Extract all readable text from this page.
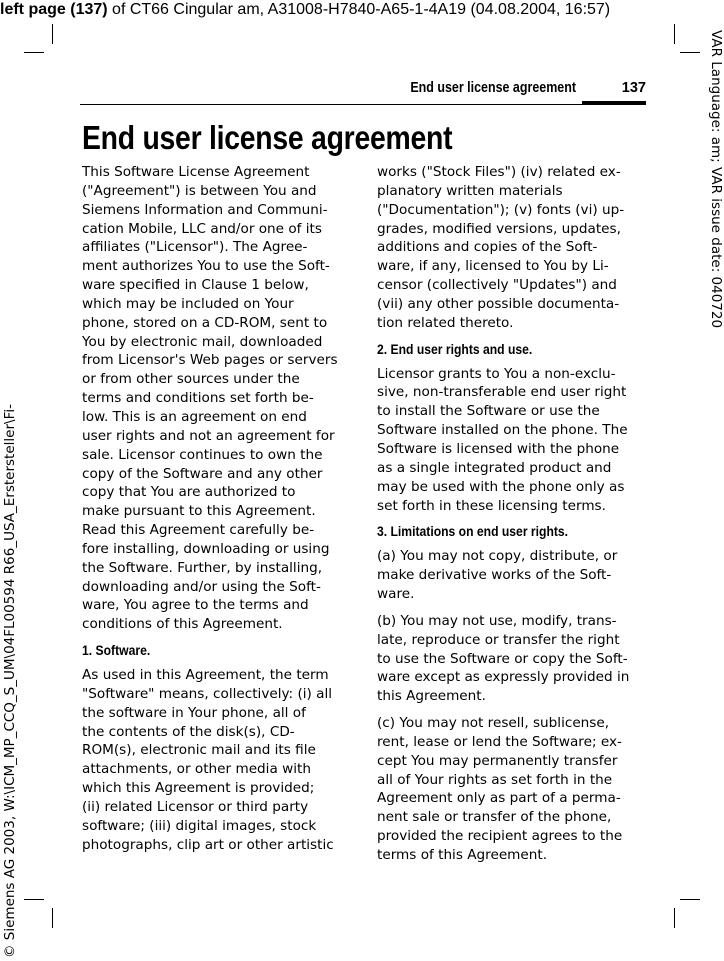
left page (137) of CT66 Cingular am, A31008-H7840-A65-1-4A19 (04.08.2004, 16:57)
VAR Language: am; VAR issue date: 040720
© Siemens AG 2003, W:\ICM_MP_CCQ_S_UM\04FL00594 R66_USA_Erstersteller\Fi-
End user license agreement	137
End user license agreement

This Software License Agreement
("Agreement") is between You and
Siemens Information and Communi-
cation Mobile, LLC and/or one of its
affiliates ("Licensor"). The Agree-
ment authorizes You to use the Soft-
ware specified in Clause 1 below,
which may be included on Your
phone, stored on a CD-ROM, sent to
You by electronic mail, downloaded
from Licensor's Web pages or servers
or from other sources under the
terms and conditions set forth be-
low. This is an agreement on end
user rights and not an agreement for
sale. Licensor continues to own the
copy of the Software and any other
copy that You are authorized to
make pursuant to this Agreement.
Read this Agreement carefully be-
fore installing, downloading or using
the Software. Further, by installing,
downloading and/or using the Soft-
ware, You agree to the terms and
conditions of this Agreement.

1. Software.

As used in this Agreement, the term
"Software" means, collectively: (i) all
the software in Your phone, all of
the contents of the disk(s), CD-
ROM(s), electronic mail and its file
attachments, or other media with
which this Agreement is provided;
(ii) related Licensor or third party
software; (iii) digital images, stock
photographs, clip art or other artistic

works ("Stock Files") (iv) related ex-
planatory written materials
("Documentation"); (v) fonts (vi) up-
grades, modified versions, updates,
additions and copies of the Soft-
ware, if any, licensed to You by Li-
censor (collectively "Updates") and
(vii) any other possible documenta-
tion related thereto.

2. End user rights and use.

Licensor grants to You a non-exclu-
sive, non-transferable end user right
to install the Software or use the
Software installed on the phone. The
Software is licensed with the phone
as a single integrated product and
may be used with the phone only as
set forth in these licensing terms.

3. Limitations on end user rights.

(a) You may not copy, distribute, or
make derivative works of the Soft-
ware.

(b) You may not use, modify, trans-
late, reproduce or transfer the right
to use the Software or copy the Soft-
ware except as expressly provided in
this Agreement.

(c) You may not resell, sublicense,
rent, lease or lend the Software; ex-
cept You may permanently transfer
all of Your rights as set forth in the
Agreement only as part of a perma-
nent sale or transfer of the phone,
provided the recipient agrees to the
terms of this Agreement.
